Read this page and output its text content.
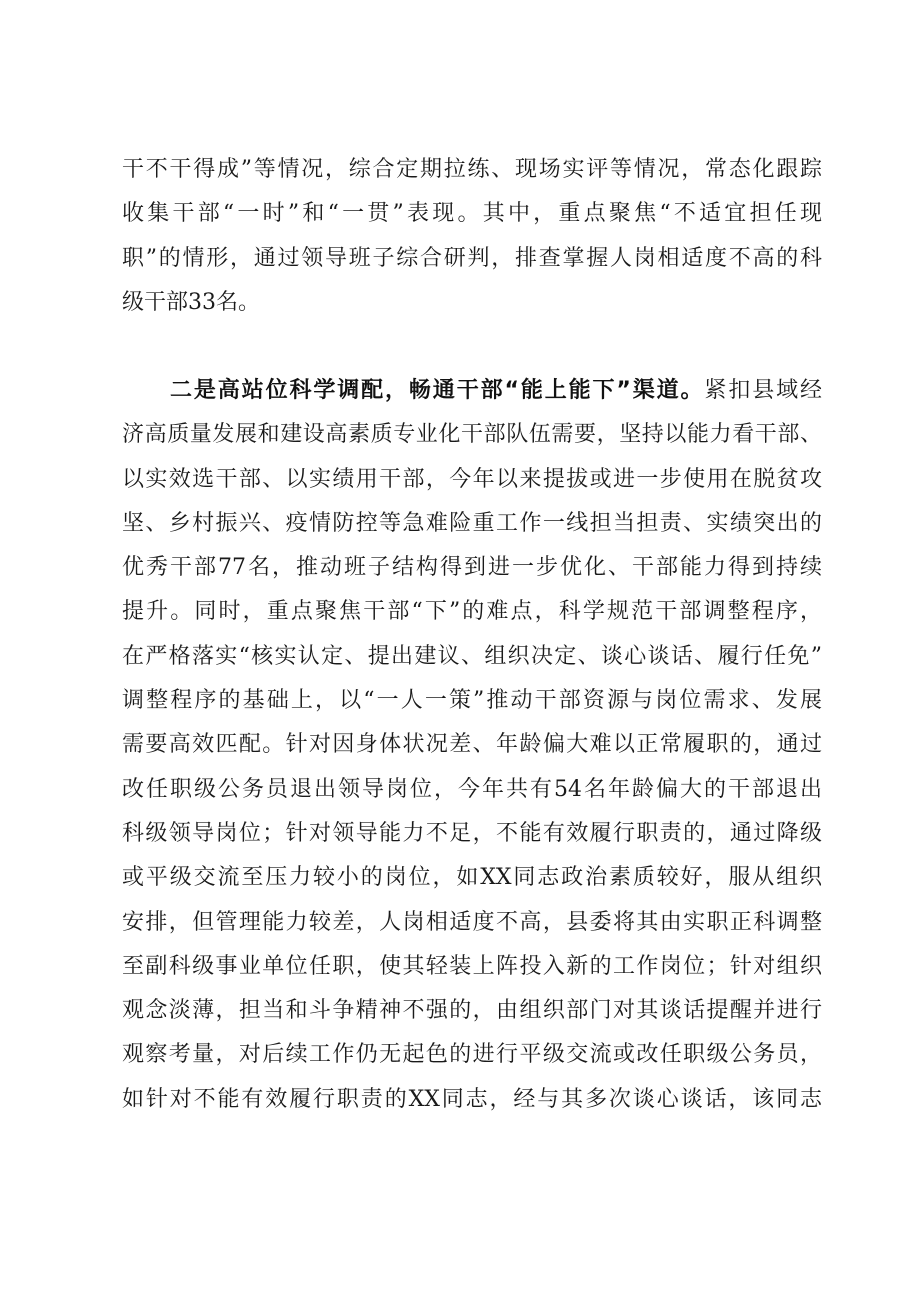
干不干得成”等情况，综合定期拉练、现场实评等情况，常态化跟踪
收集干部“一时”和“一贯”表现。其中，重点聚焦“不适宜担任现
职”的情形，通过领导班子综合研判，排查掌握人岗相适度不高的科
级干部33名。
二是高站位科学调配，畅通干部“能上能下”渠道。紧扣县域经
济高质量发展和建设高素质专业化干部队伍需要，坚持以能力看干部、
以实效选干部、以实绩用干部，今年以来提拔或进一步使用在脱贫攻
坚、乡村振兴、疫情防控等急难险重工作一线担当担责、实绩突出的
优秀干部77名，推动班子结构得到进一步优化、干部能力得到持续
提升。同时，重点聚焦干部“下”的难点，科学规范干部调整程序，
在严格落实“核实认定、提出建议、组织决定、谈心谈话、履行任免”
调整程序的基础上，以“一人一策”推动干部资源与岗位需求、发展
需要高效匹配。针对因身体状况差、年龄偏大难以正常履职的，通过
改任职级公务员退出领导岗位，今年共有54名年龄偏大的干部退出
科级领导岗位；针对领导能力不足，不能有效履行职责的，通过降级
或平级交流至压力较小的岗位，如XX同志政治素质较好，服从组织
安排，但管理能力较差，人岗相适度不高，县委将其由实职正科调整
至副科级事业单位任职，使其轻装上阵投入新的工作岗位；针对组织
观念淡薄，担当和斗争精神不强的，由组织部门对其谈话提醒并进行
观察考量，对后续工作仍无起色的进行平级交流或改任职级公务员，
如针对不能有效履行职责的XX同志，经与其多次谈心谈话，该同志
